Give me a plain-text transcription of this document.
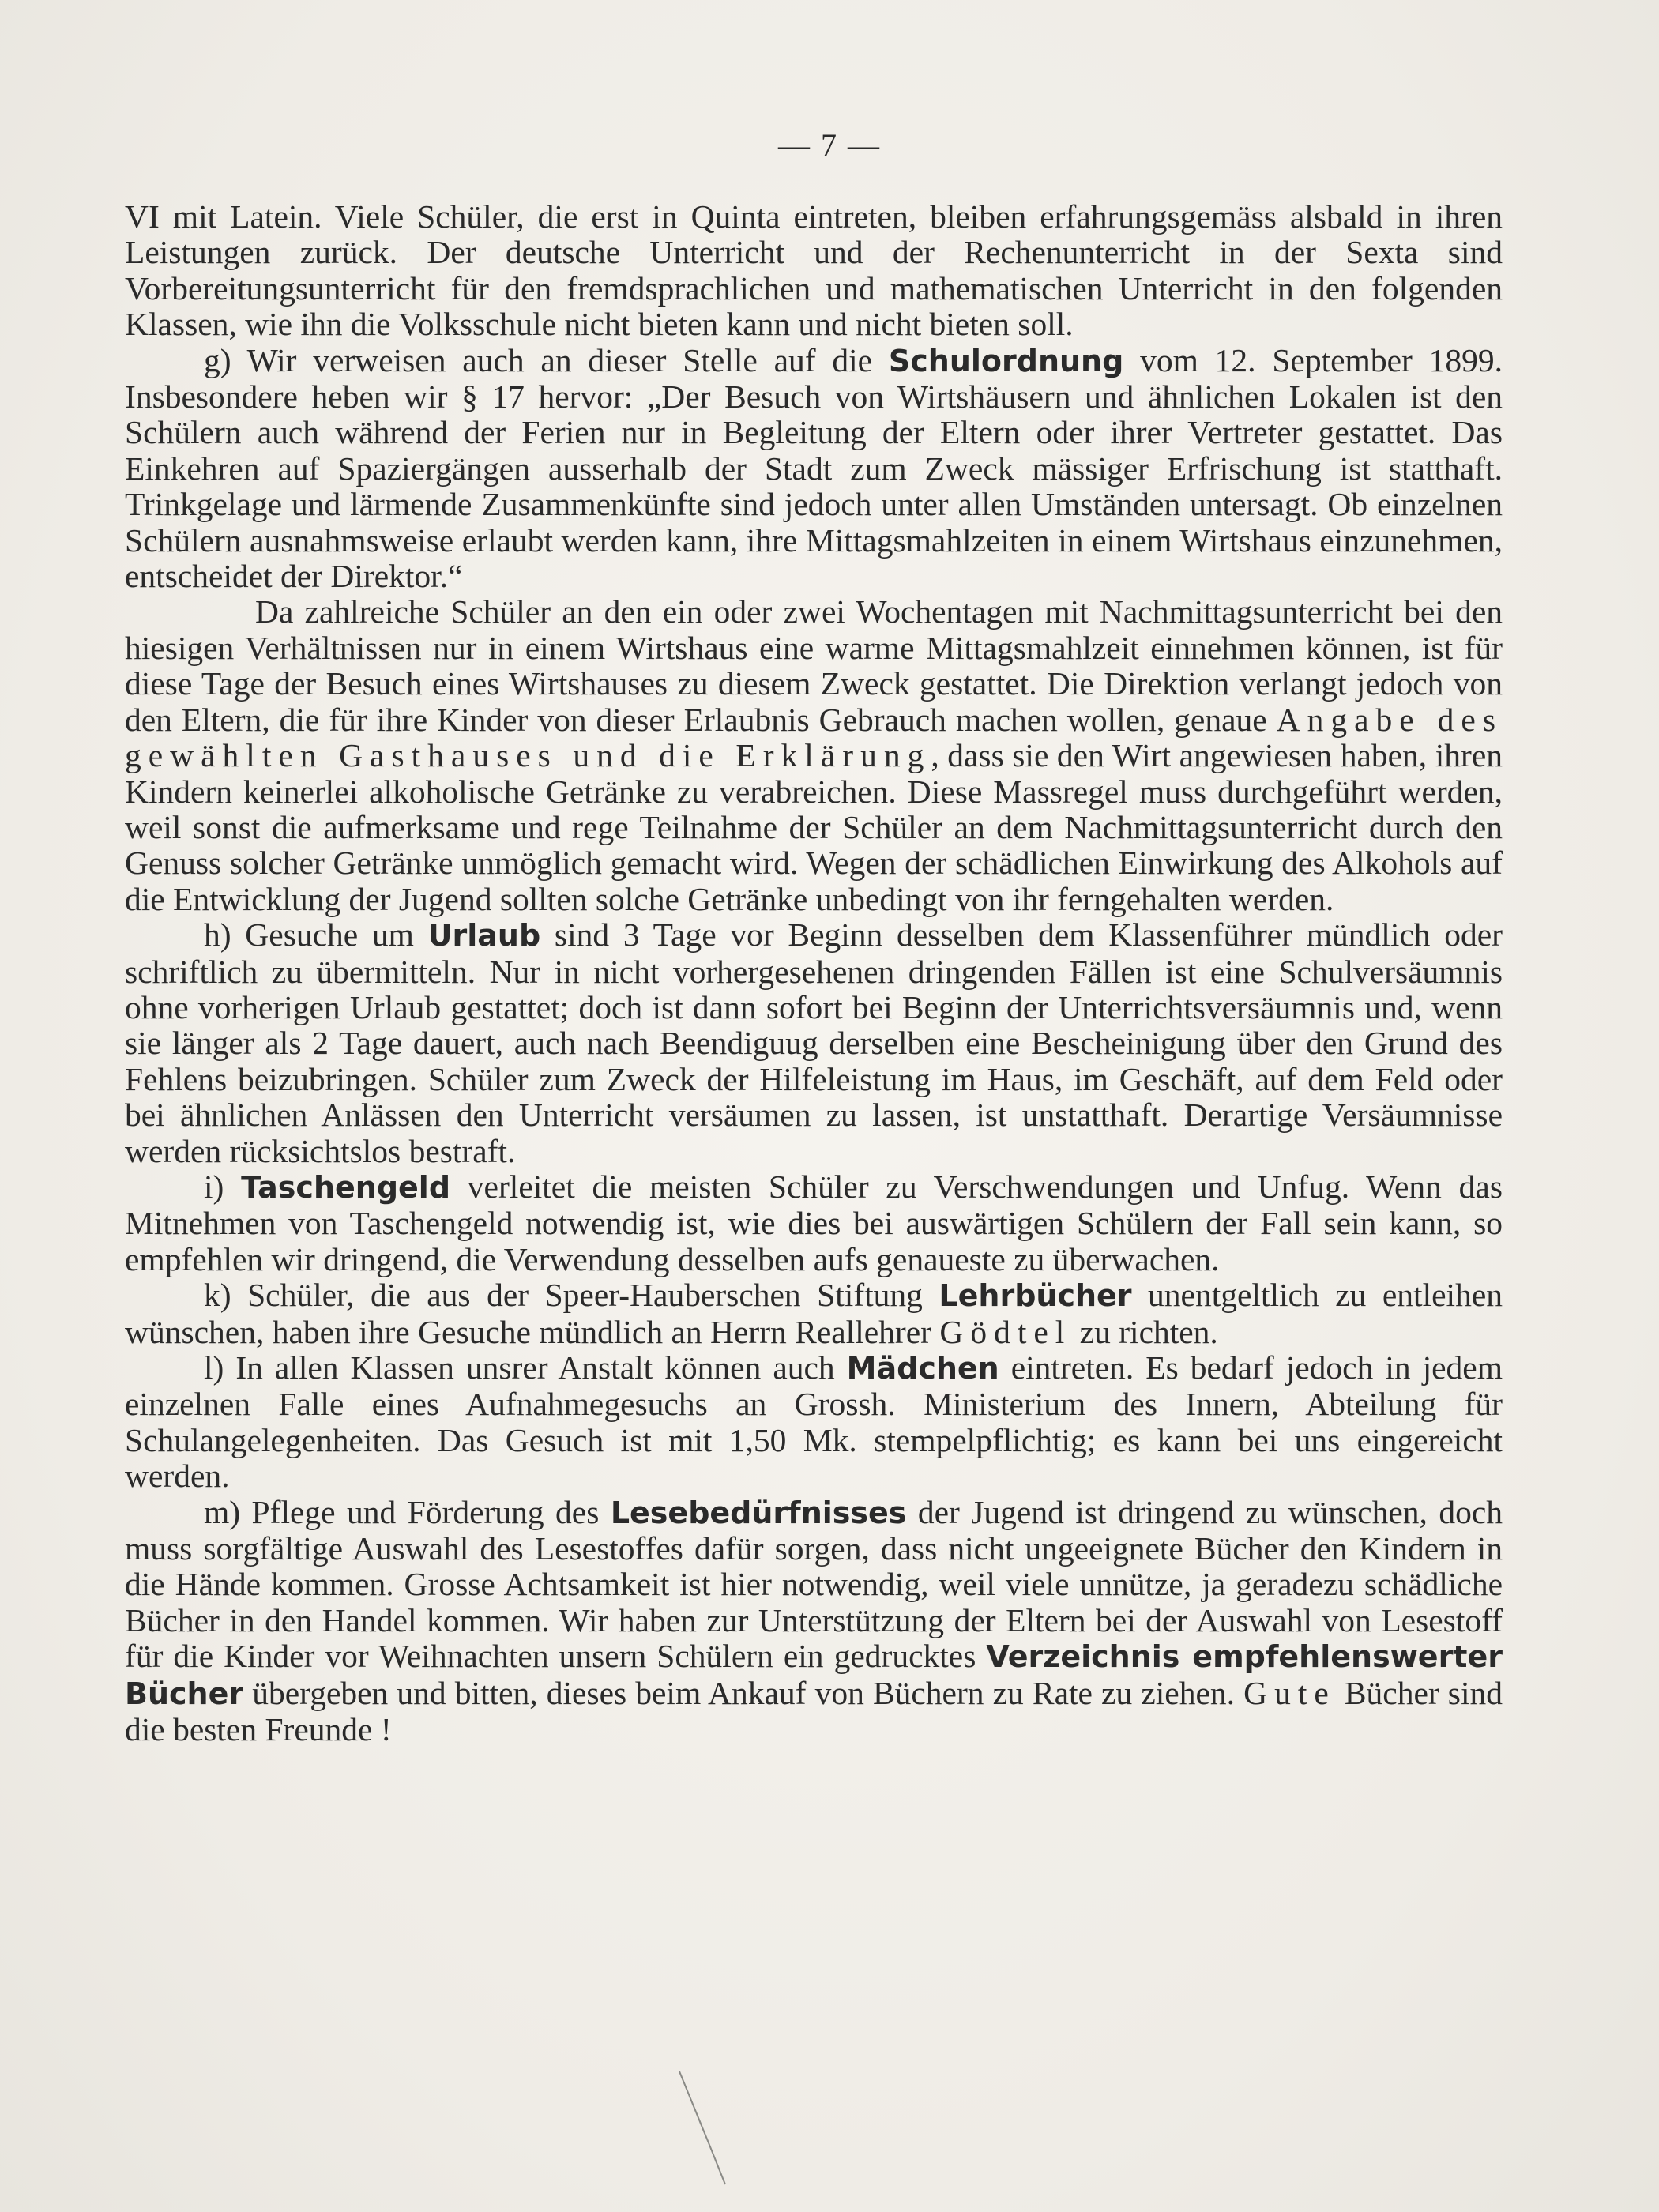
— 7 —

VI mit Latein. Viele Schüler, die erst in Quinta eintreten, bleiben erfahrungsgemäss alsbald in ihren Leistungen zurück. Der deutsche Unterricht und der Rechenunterricht in der Sexta sind Vorbereitungsunterricht für den fremdsprachlichen und mathematischen Unterricht in den folgenden Klassen, wie ihn die Volksschule nicht bieten kann und nicht bieten soll.

g) Wir verweisen auch an dieser Stelle auf die Schulordnung vom 12. September 1899. Insbesondere heben wir § 17 hervor: „Der Besuch von Wirtshäusern und ähnlichen Lokalen ist den Schülern auch während der Ferien nur in Begleitung der Eltern oder ihrer Vertreter gestattet. Das Einkehren auf Spaziergängen ausserhalb der Stadt zum Zweck mässiger Erfrischung ist statthaft. Trinkgelage und lärmende Zusammenkünfte sind jedoch unter allen Umständen untersagt. Ob einzelnen Schülern ausnahmsweise erlaubt werden kann, ihre Mittagsmahlzeiten in einem Wirtshaus einzunehmen, entscheidet der Direktor.“

Da zahlreiche Schüler an den ein oder zwei Wochentagen mit Nachmittagsunterricht bei den hiesigen Verhältnissen nur in einem Wirtshaus eine warme Mittagsmahlzeit einnehmen können, ist für diese Tage der Besuch eines Wirtshauses zu diesem Zweck gestattet. Die Direktion verlangt jedoch von den Eltern, die für ihre Kinder von dieser Erlaubnis Gebrauch machen wollen, genaue Angabe des gewählten Gasthauses und die Erklärung, dass sie den Wirt angewiesen haben, ihren Kindern keinerlei alkoholische Getränke zu verabreichen. Diese Massregel muss durchgeführt werden, weil sonst die aufmerksame und rege Teilnahme der Schüler an dem Nachmittagsunterricht durch den Genuss solcher Getränke unmöglich gemacht wird. Wegen der schädlichen Einwirkung des Alkohols auf die Entwicklung der Jugend sollten solche Getränke unbedingt von ihr ferngehalten werden.

h) Gesuche um Urlaub sind 3 Tage vor Beginn desselben dem Klassenführer mündlich oder schriftlich zu übermitteln. Nur in nicht vorhergesehenen dringenden Fällen ist eine Schulversäumnis ohne vorherigen Urlaub gestattet; doch ist dann sofort bei Beginn der Unterrichtsversäumnis und, wenn sie länger als 2 Tage dauert, auch nach Beendiguug derselben eine Bescheinigung über den Grund des Fehlens beizubringen. Schüler zum Zweck der Hilfeleistung im Haus, im Geschäft, auf dem Feld oder bei ähnlichen Anlässen den Unterricht versäumen zu lassen, ist unstatthaft. Derartige Versäumnisse werden rücksichtslos bestraft.

i) Taschengeld verleitet die meisten Schüler zu Verschwendungen und Unfug. Wenn das Mitnehmen von Taschengeld notwendig ist, wie dies bei auswärtigen Schülern der Fall sein kann, so empfehlen wir dringend, die Verwendung desselben aufs genaueste zu überwachen.

k) Schüler, die aus der Speer-Hauberschen Stiftung Lehrbücher unentgeltlich zu entleihen wünschen, haben ihre Gesuche mündlich an Herrn Reallehrer Gödtel zu richten.

l) In allen Klassen unsrer Anstalt können auch Mädchen eintreten. Es bedarf jedoch in jedem einzelnen Falle eines Aufnahmegesuchs an Grossh. Ministerium des Innern, Abteilung für Schulangelegenheiten. Das Gesuch ist mit 1,50 Mk. stempelpflichtig; es kann bei uns eingereicht werden.

m) Pflege und Förderung des Lesebedürfnisses der Jugend ist dringend zu wünschen, doch muss sorgfältige Auswahl des Lesestoffes dafür sorgen, dass nicht ungeeignete Bücher den Kindern in die Hände kommen. Grosse Achtsamkeit ist hier notwendig, weil viele unnütze, ja geradezu schädliche Bücher in den Handel kommen. Wir haben zur Unterstützung der Eltern bei der Auswahl von Lesestoff für die Kinder vor Weihnachten unsern Schülern ein gedrucktes Verzeichnis empfehlenswerter Bücher übergeben und bitten, dieses beim Ankauf von Büchern zu Rate zu ziehen. Gute Bücher sind die besten Freunde !
